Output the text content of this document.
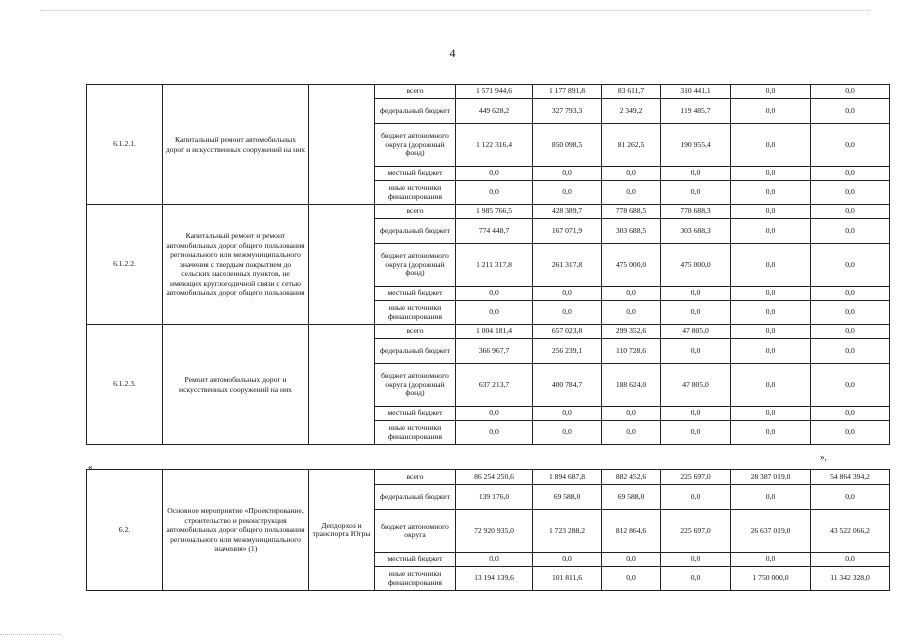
4
6.1.2.1.	Капитальный ремонт автомобильных дорог и искусственных сооружений на них		всего	1 571 944,6	1 177 891,8	83 611,7	310 441,1	0,0	0,0
			федеральный бюджет	449 628,2	327 793,3	2 349,2	119 485,7	0,0	0,0
			бюджет автономного округа (дорожный фонд)	1 122 316,4	850 098,5	81 262,5	190 955,4	0,0	0,0
			местный бюджет	0,0	0,0	0,0	0,0	0,0	0,0
			иные источники финансирования	0,0	0,0	0,0	0,0	0,0	0,0
6.1.2.2.	Капитальный ремонт и ремонт автомобильных дорог общего пользования регионального или межмуниципального значения с твердым покрытием до сельских населенных пунктов, не имеющих круглогодичной связи с сетью автомобильных дорог общего пользования		всего	1 985 766,5	428 389,7	778 688,5	778 688,3	0,0	0,0
			федеральный бюджет	774 448,7	167 071,9	303 688,5	303 688,3	0,0	0,0
			бюджет автономного округа (дорожный фонд)	1 211 317,8	261 317,8	475 000,0	475 000,0	0,0	0,0
			местный бюджет	0,0	0,0	0,0	0,0	0,0	0,0
			иные источники финансирования	0,0	0,0	0,0	0,0	0,0	0,0
6.1.2.3.	Ремонт автомобильных дорог и искусственных сооружений на них		всего	1 004 181,4	657 023,8	299 352,6	47 805,0	0,0	0,0
			федеральный бюджет	366 967,7	256 239,1	110 728,6	0,0	0,0	0,0
			бюджет автономного округа (дорожный фонд)	637 213,7	400 784,7	188 624,0	47 805,0	0,0	0,0
			местный бюджет	0,0	0,0	0,0	0,0	0,0	0,0
			иные источники финансирования	0,0	0,0	0,0	0,0	0,0	0,0
»,
«
6.2.	Основное мероприятие «Проектирование, строительство и реконструкция автомобильных дорог общего пользования регионального или межмуниципального значения» (1)	Депдорхоз и транспорта Югры	всего	86 254 250,6	1 894 687,8	882 452,6	225 697,0	28 387 019,0	54 864 394,2
			федеральный бюджет	139 176,0	69 588,0	69 588,0	0,0	0,0	0,0
			бюджет автономного округа	72 920 935,0	1 723 288,2	812 864,6	225 697,0	26 637 019,0	43 522 066,2
			местный бюджет	0,0	0,0	0,0	0,0	0,0	0,0
			иные источники финансирования	13 194 139,6	101 811,6	0,0	0,0	1 750 000,0	11 342 328,0
